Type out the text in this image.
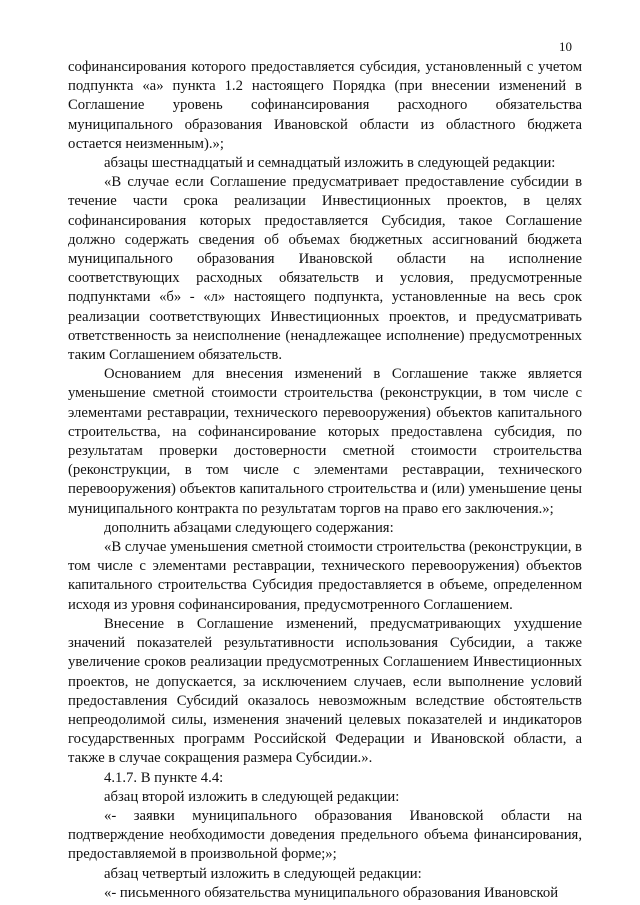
10

софинансирования которого предоставляется субсидия, установленный с учетом подпункта «а» пункта 1.2 настоящего Порядка (при внесении изменений в Соглашение уровень софинансирования расходного обязательства муниципального образования Ивановской области из областного бюджета остается неизменным).»;

абзацы шестнадцатый и семнадцатый изложить в следующей редакции:

«В случае если Соглашение предусматривает предоставление субсидии в течение части срока реализации Инвестиционных проектов, в целях софинансирования которых предоставляется Субсидия, такое Соглашение должно содержать сведения об объемах бюджетных ассигнований бюджета муниципального образования Ивановской области на исполнение соответствующих расходных обязательств и условия, предусмотренные подпунктами «б» - «л» настоящего подпункта, установленные на весь срок реализации соответствующих Инвестиционных проектов, и предусматривать ответственность за неисполнение (ненадлежащее исполнение) предусмотренных таким Соглашением обязательств.

Основанием для внесения изменений в Соглашение также является уменьшение сметной стоимости строительства (реконструкции, в том числе с элементами реставрации, технического перевооружения) объектов капитального строительства, на софинансирование которых предоставлена субсидия, по результатам проверки достоверности сметной стоимости строительства (реконструкции, в том числе с элементами реставрации, технического перевооружения) объектов капитального строительства и (или) уменьшение цены муниципального контракта по результатам торгов на право его заключения.»;

дополнить абзацами следующего содержания:

«В случае уменьшения сметной стоимости строительства (реконструкции, в том числе с элементами реставрации, технического перевооружения) объектов капитального строительства Субсидия предоставляется в объеме, определенном исходя из уровня софинансирования, предусмотренного Соглашением.

Внесение в Соглашение изменений, предусматривающих ухудшение значений показателей результативности использования Субсидии, а также увеличение сроков реализации предусмотренных Соглашением Инвестиционных проектов, не допускается, за исключением случаев, если выполнение условий предоставления Субсидий оказалось невозможным вследствие обстоятельств непреодолимой силы, изменения значений целевых показателей и индикаторов государственных программ Российской Федерации и Ивановской области, а также в случае сокращения размера Субсидии.».

4.1.7. В пункте 4.4:

абзац второй изложить в следующей редакции:

«- заявки муниципального образования Ивановской области на подтверждение необходимости доведения предельного объема финансирования, предоставляемой в произвольной форме;»;

абзац четвертый изложить в следующей редакции:

«- письменного обязательства муниципального образования Ивановской
